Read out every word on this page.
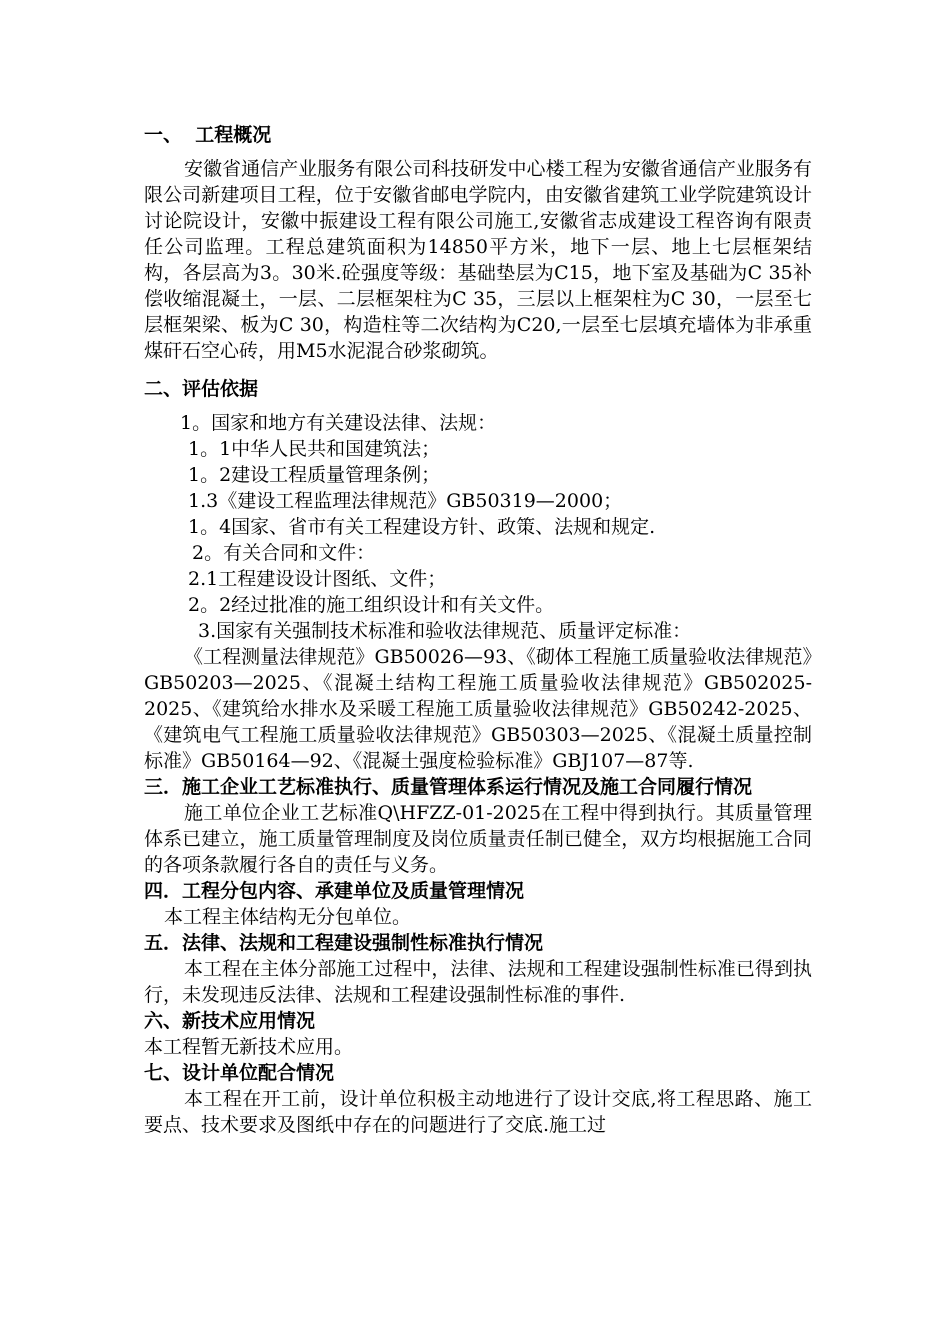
一、  工程概况

安徽省通信产业服务有限公司科技研发中心楼工程为安徽省通信产业服务有限公司新建项目工程，位于安徽省邮电学院内，由安徽省建筑工业学院建筑设计讨论院设计，安徽中振建设工程有限公司施工,安徽省志成建设工程咨询有限责任公司监理。工程总建筑面积为14850平方米，地下一层、地上七层框架结构，各层高为3。30米.砼强度等级：基础垫层为C15，地下室及基础为C 35补偿收缩混凝土，一层、二层框架柱为C 35，三层以上框架柱为C 30，一层至七层框架梁、板为C 30，构造柱等二次结构为C20,一层至七层填充墙体为非承重煤矸石空心砖，用M5水泥混合砂浆砌筑。

二、评估依据

1。国家和地方有关建设法律、法规：

1。1中华人民共和国建筑法；

1。2建设工程质量管理条例；

1.3《建设工程监理法律规范》GB50319—2000；

1。4国家、省市有关工程建设方针、政策、法规和规定.

2。有关合同和文件：

2.1工程建设设计图纸、文件；

2。2经过批准的施工组织设计和有关文件。

3.国家有关强制技术标准和验收法律规范、质量评定标准：

《工程测量法律规范》GB50026—93、《砌体工程施工质量验收法律规范》GB50203—2025、《混凝土结构工程施工质量验收法律规范》GB502025-2025、《建筑给水排水及采暖工程施工质量验收法律规范》GB50242-2025、《建筑电气工程施工质量验收法律规范》GB50303—2025、《混凝土质量控制标准》GB50164—92、《混凝土强度检验标准》GBJ107—87等.

三．施工企业工艺标准执行、质量管理体系运行情况及施工合同履行情况

施工单位企业工艺标准Q\HFZZ-01-2025在工程中得到执行。其质量管理体系已建立，施工质量管理制度及岗位质量责任制已健全，双方均根据施工合同的各项条款履行各自的责任与义务。

四．工程分包内容、承建单位及质量管理情况

本工程主体结构无分包单位。

五．法律、法规和工程建设强制性标准执行情况

本工程在主体分部施工过程中，法律、法规和工程建设强制性标准已得到执行，未发现违反法律、法规和工程建设强制性标准的事件.

六、新技术应用情况

本工程暂无新技术应用。

七、设计单位配合情况

本工程在开工前，设计单位积极主动地进行了设计交底,将工程思路、施工要点、技术要求及图纸中存在的问题进行了交底.施工过
